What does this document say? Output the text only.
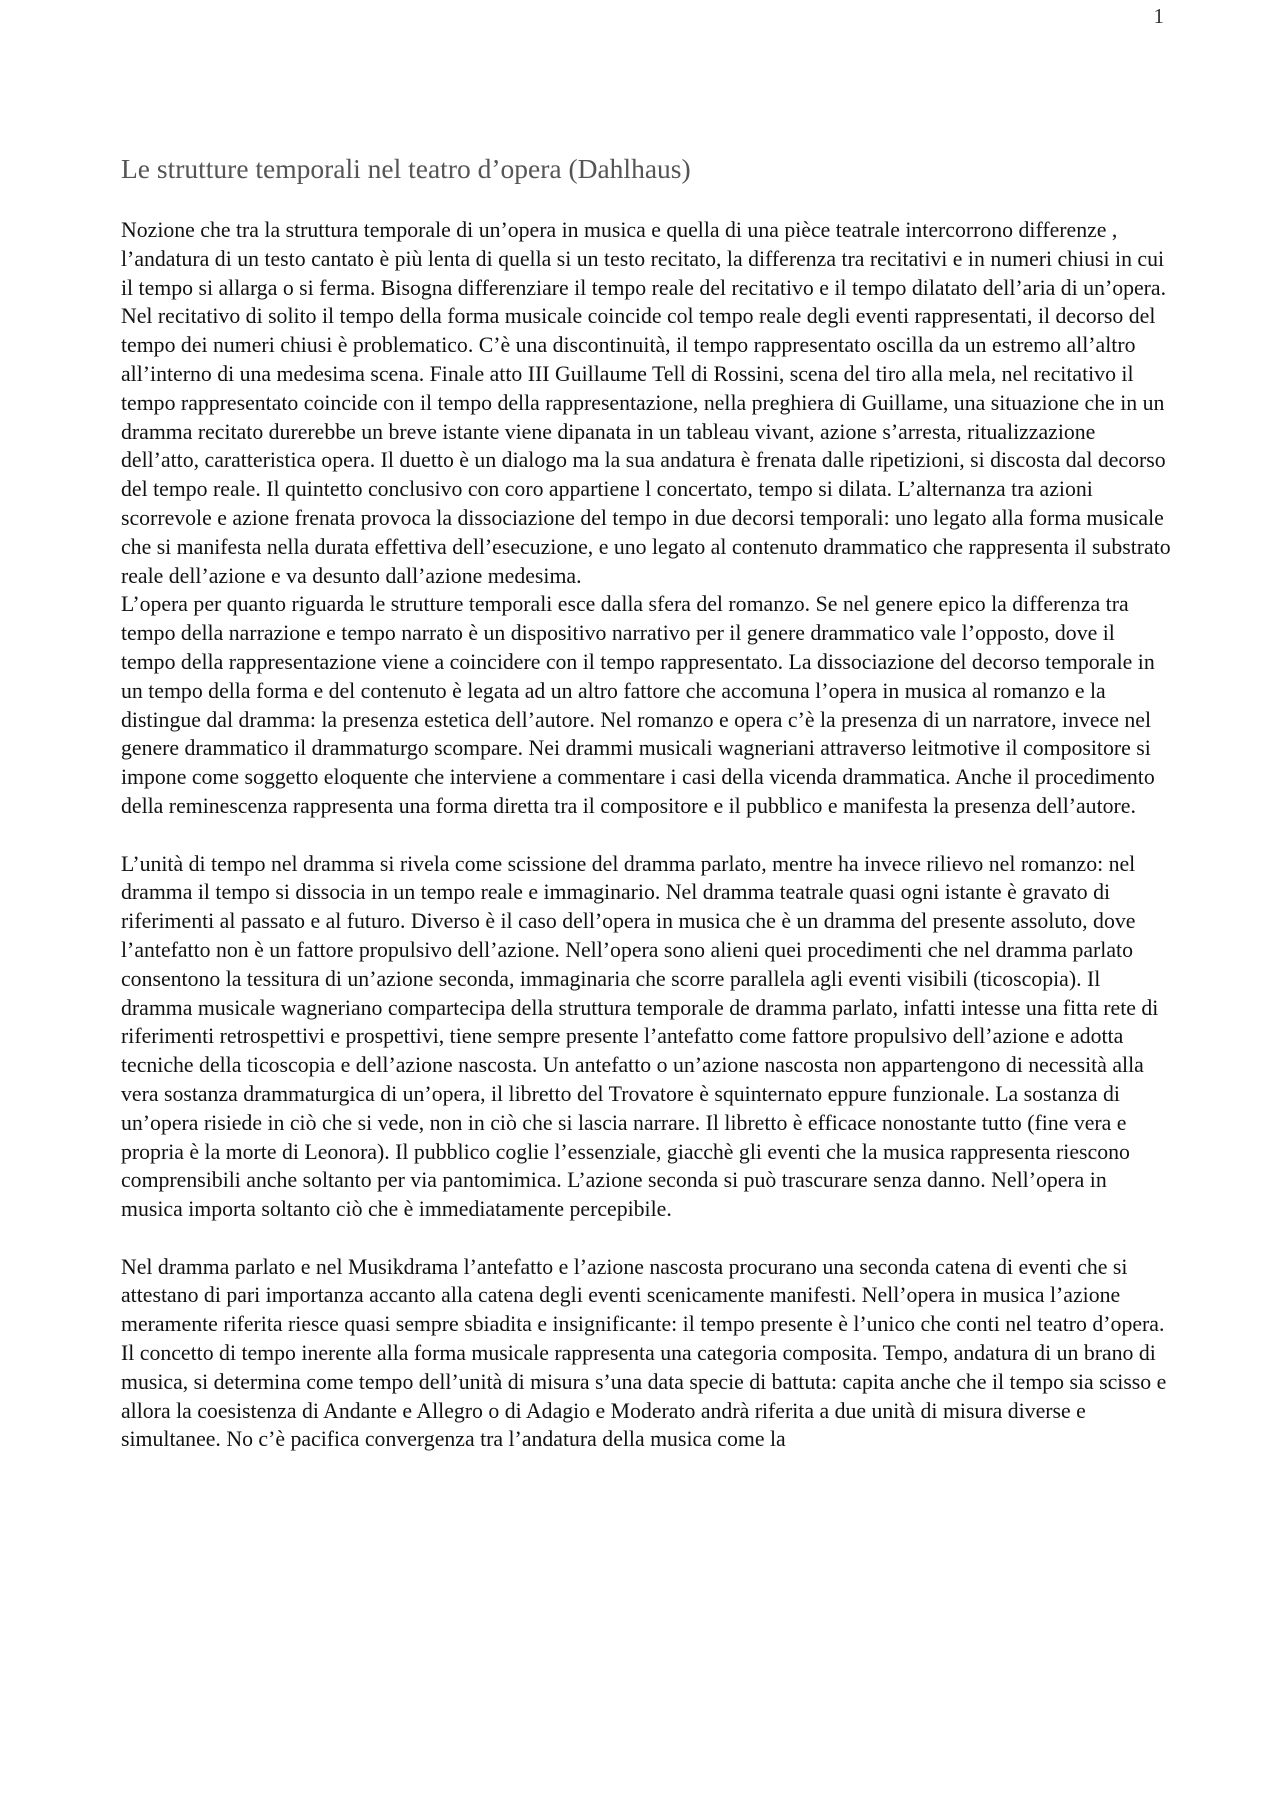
1
Le strutture temporali nel teatro d’opera (Dahlhaus)

Nozione che tra la struttura temporale di un’opera in musica e quella di una pièce teatrale intercorrono differenze , l’andatura di un testo cantato è più lenta di quella si un testo recitato, la differenza tra recitativi e in numeri chiusi in cui il tempo si allarga o si ferma. Bisogna differenziare il tempo reale del recitativo e il tempo dilatato dell’aria di un’opera. Nel recitativo di solito il tempo della forma musicale coincide col tempo reale degli eventi rappresentati, il decorso del tempo dei numeri chiusi è problematico. C’è una discontinuità, il tempo rappresentato oscilla da un estremo all’altro all’interno di una medesima scena. Finale atto III Guillaume Tell di Rossini, scena del tiro alla mela, nel recitativo il tempo rappresentato coincide con il tempo della rappresentazione, nella preghiera di Guillame, una situazione che in un dramma recitato durerebbe un breve istante viene dipanata in un tableau vivant, azione s’arresta, ritualizzazione dell’atto, caratteristica opera. Il duetto è un dialogo ma la sua andatura è frenata dalle ripetizioni, si discosta dal decorso del tempo reale. Il quintetto conclusivo con coro appartiene l concertato, tempo si dilata. L’alternanza tra azioni scorrevole e azione frenata provoca la dissociazione del tempo in due decorsi temporali: uno legato alla forma musicale che si manifesta nella durata effettiva dell’esecuzione, e uno legato al contenuto drammatico che rappresenta il substrato reale dell’azione e va desunto dall’azione medesima.

L’opera per quanto riguarda le strutture temporali esce dalla sfera del romanzo. Se nel genere epico la differenza tra tempo della narrazione e tempo narrato è un dispositivo narrativo per il genere drammatico vale l’opposto, dove il tempo della rappresentazione viene a coincidere con il tempo rappresentato. La dissociazione del decorso temporale in un tempo della forma e del contenuto è legata ad un altro fattore che accomuna l’opera in musica al romanzo e la distingue dal dramma: la presenza estetica dell’autore. Nel romanzo e opera c’è la presenza di un narratore, invece nel genere drammatico il drammaturgo scompare. Nei drammi musicali wagneriani attraverso leitmotive il compositore si impone come soggetto eloquente che interviene a commentare i casi della vicenda drammatica. Anche il procedimento della reminescenza rappresenta una forma diretta tra il compositore e il pubblico e manifesta la presenza dell’autore.

L’unità di tempo nel dramma si rivela come scissione del dramma parlato, mentre ha invece rilievo nel romanzo: nel dramma il tempo si dissocia in un tempo reale e immaginario. Nel dramma teatrale quasi ogni istante è gravato di riferimenti al passato e al futuro. Diverso è il caso dell’opera in musica che è un dramma del presente assoluto, dove l’antefatto non è un fattore propulsivo dell’azione. Nell’opera sono alieni quei procedimenti che nel dramma parlato consentono la tessitura di un’azione seconda, immaginaria che scorre parallela agli eventi visibili (ticoscopia). Il dramma musicale wagneriano compartecipa della struttura temporale de dramma parlato, infatti intesse una fitta rete di riferimenti retrospettivi e prospettivi, tiene sempre presente l’antefatto come fattore propulsivo dell’azione e adotta tecniche della ticoscopia e dell’azione nascosta. Un antefatto o un’azione nascosta non appartengono di necessità alla vera sostanza drammaturgica di un’opera, il libretto del Trovatore è squinternato eppure funzionale. La sostanza di un’opera risiede in ciò che si vede, non in ciò che si lascia narrare. Il libretto è efficace nonostante tutto (fine vera e propria è la morte di Leonora). Il pubblico coglie l’essenziale, giacchè gli eventi che la musica rappresenta riescono comprensibili anche soltanto per via pantomimica. L’azione seconda si può trascurare senza danno. Nell’opera in musica importa soltanto ciò che è immediatamente percepibile.

Nel dramma parlato e nel Musikdrama l’antefatto e l’azione nascosta procurano una seconda catena di eventi che si attestano di pari importanza accanto alla catena degli eventi scenicamente manifesti. Nell’opera in musica l’azione meramente riferita riesce quasi sempre sbiadita e insignificante: il tempo presente è l’unico che conti nel teatro d’opera. Il concetto di tempo inerente alla forma musicale rappresenta una categoria composita. Tempo, andatura di un brano di musica, si determina come tempo dell’unità di misura s’una data specie di battuta: capita anche che il tempo sia scisso e allora la coesistenza di Andante e Allegro o di Adagio e Moderato andrà riferita a due unità di misura diverse e simultanee. No c’è pacifica convergenza tra l’andatura della musica come la
